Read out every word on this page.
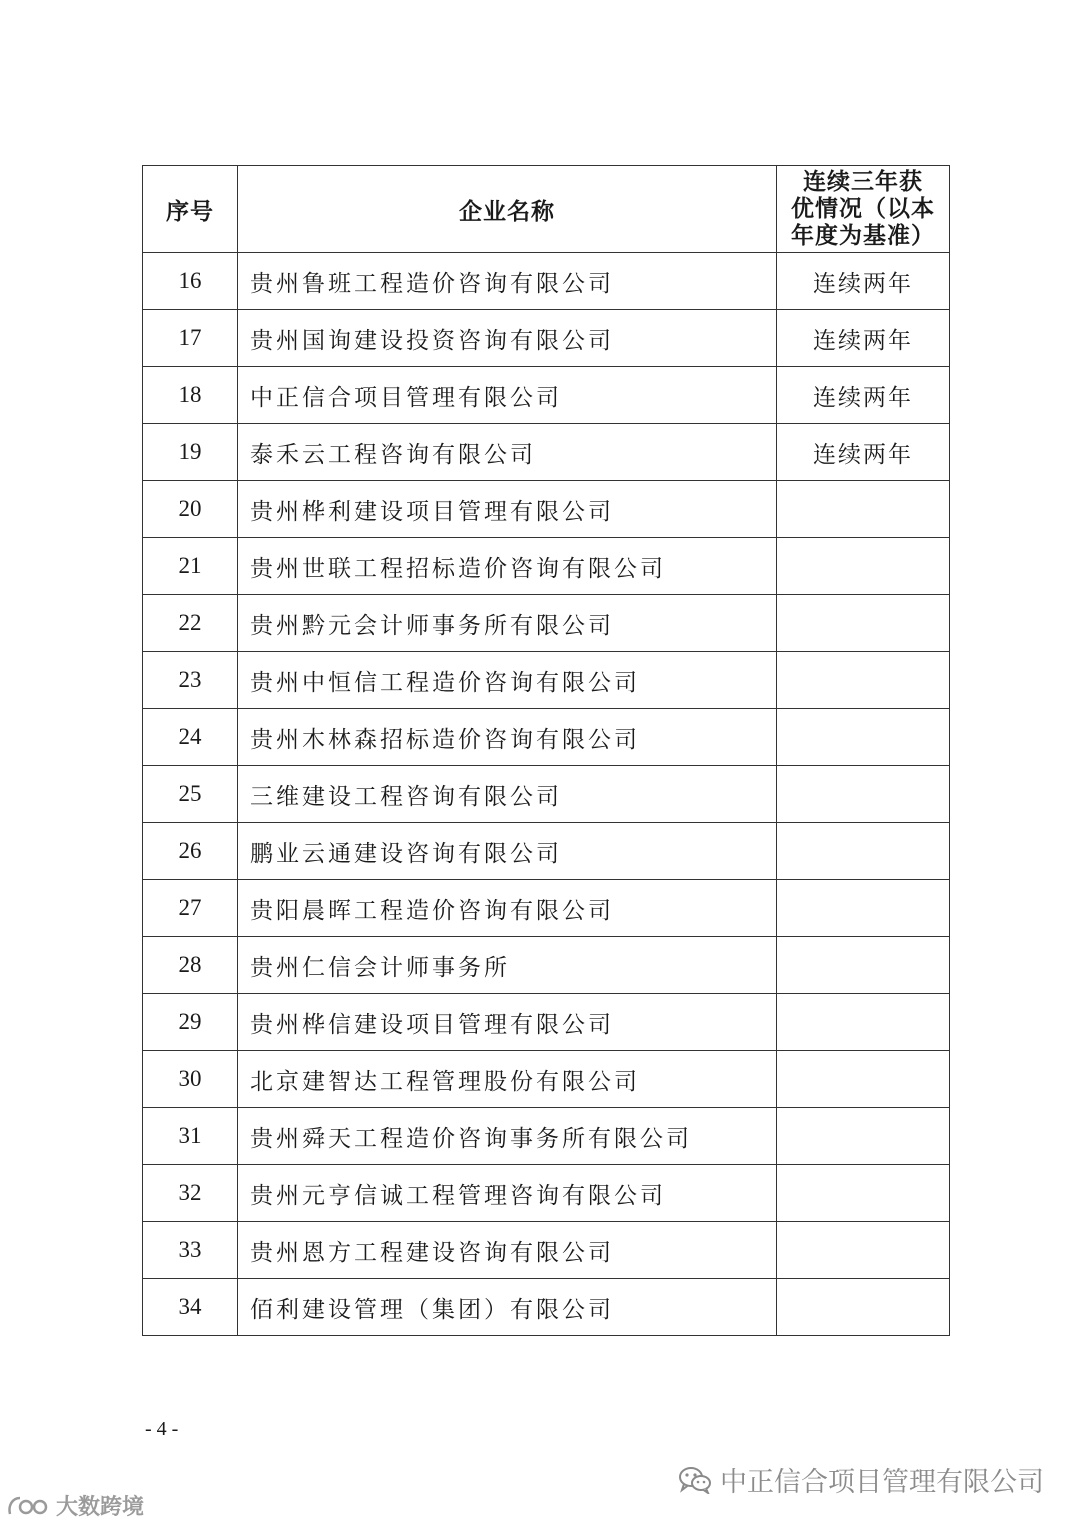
序号	企业名称	连续三年获
优情况（以本
年度为基准）

16	贵州鲁班工程造价咨询有限公司	连续两年
17	贵州国询建设投资咨询有限公司	连续两年
18	中正信合项目管理有限公司	连续两年
19	泰禾云工程咨询有限公司	连续两年
20	贵州桦利建设项目管理有限公司	
21	贵州世联工程招标造价咨询有限公司	
22	贵州黔元会计师事务所有限公司	
23	贵州中恒信工程造价咨询有限公司	
24	贵州木林森招标造价咨询有限公司	
25	三维建设工程咨询有限公司	
26	鹏业云通建设咨询有限公司	
27	贵阳晨晖工程造价咨询有限公司	
28	贵州仁信会计师事务所	
29	贵州桦信建设项目管理有限公司	
30	北京建智达工程管理股份有限公司	
31	贵州舜天工程造价咨询事务所有限公司	
32	贵州元亨信诚工程管理咨询有限公司	
33	贵州恩方工程建设咨询有限公司	
34	佰利建设管理（集团）有限公司	
- 4 -
中正信合项目管理有限公司
大数跨境
